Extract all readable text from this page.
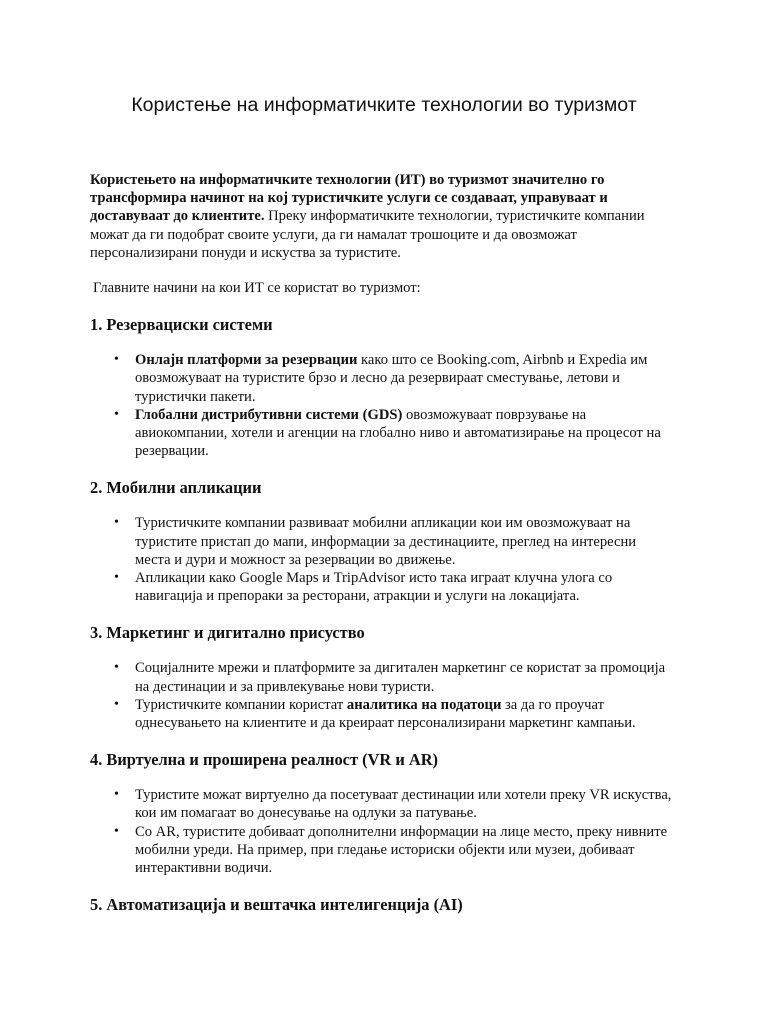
Користење на информатичките технологии во туризмот

Користењето на информатичките технологии (ИТ) во туризмот значително го трансформира начинот на кој туристичките услуги се создаваат, управуваат и доставуваат до клиентите. Преку информатичките технологии, туристичките компании можат да ги подобрат своите услуги, да ги намалат трошоците и да овозможат персонализирани понуди и искуства за туристите.

Главните начини на кои ИТ се користат во туризмот:

1. Резервациски системи
• Онлајн платформи за резервации како што се Booking.com, Airbnb и Expedia им овозможуваат на туристите брзо и лесно да резервираат сместување, летови и туристички пакети.
• Глобални дистрибутивни системи (GDS) овозможуваат поврзување на авиокомпании, хотели и агенции на глобално ниво и автоматизирање на процесот на резервации.
2. Мобилни апликации
• Туристичките компании развиваат мобилни апликации кои им овозможуваат на туристите пристап до мапи, информации за дестинациите, преглед на интересни места и дури и можност за резервации во движење.
• Апликации како Google Maps и TripAdvisor исто така играат клучна улога со навигација и препораки за ресторани, атракции и услуги на локацијата.
3. Маркетинг и дигитално присуство
• Социјалните мрежи и платформите за дигитален маркетинг се користат за промоција на дестинации и за привлекување нови туристи.
• Туристичките компании користат аналитика на податоци за да го проучат однесувањето на клиентите и да креираат персонализирани маркетинг кампањи.
4. Виртуелна и проширена реалност (VR и AR)
• Туристите можат виртуелно да посетуваат дестинации или хотели преку VR искуства, кои им помагаат во донесување на одлуки за патување.
• Со AR, туристите добиваат дополнителни информации на лице место, преку нивните мобилни уреди. На пример, при гледање историски објекти или музеи, добиваат интерактивни водичи.
5. Автоматизација и вештачка интелигенција (AI)
